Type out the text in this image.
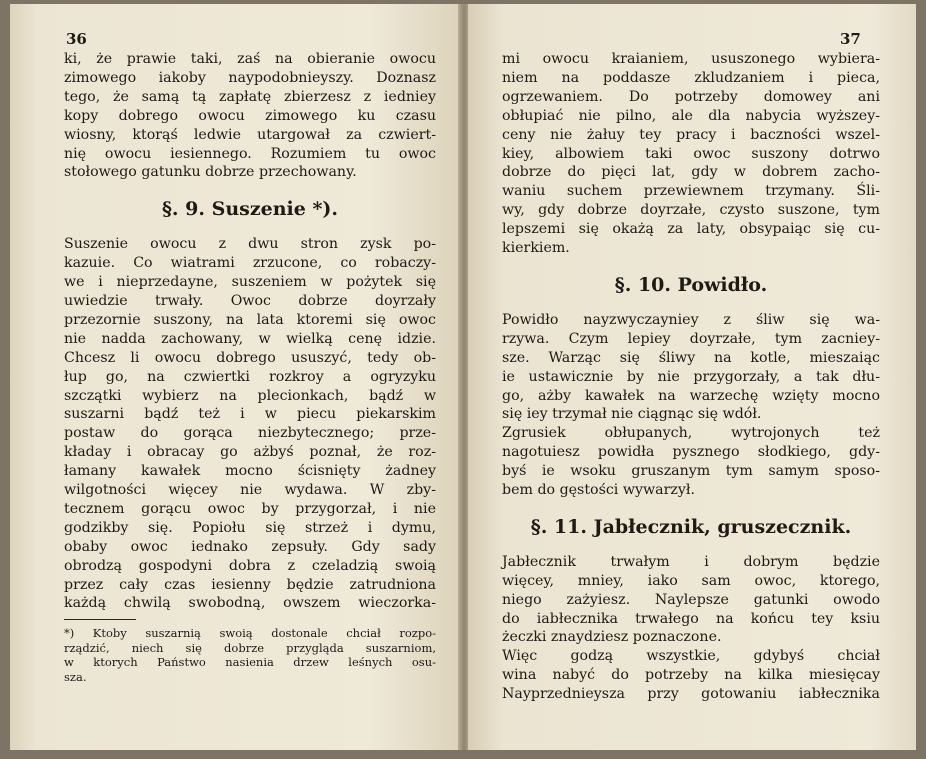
36
ki, że prawie taki, zaś na obieranie owocu
zimowego iakoby naypodobnieyszy. Doznasz
tego, że samą tą zapłatę zbierzesz z iedniey
kopy dobrego owocu zimowego ku czasu
wiosny, ktorąś ledwie utargował za czwiert-
nię owocu iesiennego. Rozumiem tu owoc
stołowego gatunku dobrze przechowany.
§. 9. Suszenie *).
Suszenie owocu z dwu stron zysk po-
kazuie. Co wiatrami zrzucone, co robaczy-
we i nieprzedayne, suszeniem w pożytek się
uwiedzie trwały. Owoc dobrze doyrzały
przezornie suszony, na lata ktoremi się owoc
nie nadda zachowany, w wielką cenę idzie.
Chcesz li owocu dobrego ususzyć, tedy ob-
łup go, na czwiertki rozkroy a ogryzyku
szczątki wybierz na plecionkach, bądź w
suszarni bądź też i w piecu piekarskim
postaw do gorąca niezbytecznego; prze-
kładay i obracay go ażbyś poznał, że roz-
łamany kawałek mocno ścisnięty żadney
wilgotności więcey nie wydawa. W zby-
tecznem gorącu owoc by przygorzał, i nie
godzikby się. Popiołu się strzeż i dymu,
obaby owoc iednako zepsuły. Gdy sady
obrodzą gospodyni dobra z czeladzią swoią
przez cały czas iesienny będzie zatrudniona
każdą chwilą swobodną, owszem wieczorka-
*) Ktoby suszarnią swoią dostonale chciał rozpo-
rządzić, niech się dobrze przygląda suszarniom,
w ktorych Państwo nasienia drzew leśnych osu-
sza.
37
mi owocu kraianiem, ususzonego wybiera-
niem na poddasze zkludzaniem i pieca,
ogrzewaniem. Do potrzeby domowey ani
obłupiać nie pilno, ale dla nabycia wyższey-
ceny nie żałuy tey pracy i baczności wszel-
kiey, albowiem taki owoc suszony dotrwo
dobrze do pięci lat, gdy w dobrem zacho-
waniu suchem przewiewnem trzymany. Śli-
wy, gdy dobrze doyrzałe, czysto suszone, tym
lepszemi się okażą za laty, obsypaiąc się cu-
kierkiem.
§. 10. Powidło.
Powidło nayzwyczayniey z śliw się wa-
rzywa. Czym lepiey doyrzałe, tym zacniey-
sze. Warząc się śliwy na kotle, mieszaiąc
ie ustawicznie by nie przygorzały, a tak dłu-
go, ażby kawałek na warzechę wzięty mocno
się iey trzymał nie ciągnąc się wdół.
Zgrusiek obłupanych, wytrojonych też
nagotuiesz powidła pysznego słodkiego, gdy-
byś ie wsoku gruszanym tym samym sposo-
bem do gęstości wywarzył.
§. 11. Jabłecznik, gruszecznik.
Jabłecznik trwałym i dobrym będzie
więcey, mniey, iako sam owoc, ktorego,
niego zażyiesz. Naylepsze gatunki owodo
do iabłecznika trwałego na końcu tey ksiu
żeczki znaydziesz poznaczone.
Więc godzą wszystkie, gdybyś chciał
wina nabyć do potrzeby na kilka miesięcay
Nayprzednieysza przy gotowaniu iabłecznika
